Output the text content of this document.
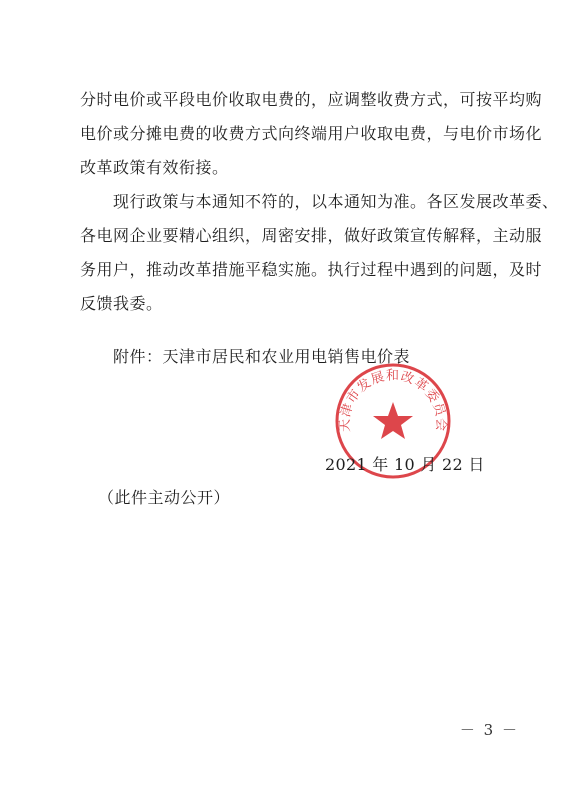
分时电价或平段电价收取电费的，应调整收费方式，可按平均购
电价或分摊电费的收费方式向终端用户收取电费，与电价市场化
改革政策有效衔接。
现行政策与本通知不符的，以本通知为准。各区发展改革委、
各电网企业要精心组织，周密安排，做好政策宣传解释，主动服
务用户，推动改革措施平稳实施。执行过程中遇到的问题，及时
反馈我委。
附件：天津市居民和农业用电销售电价表
天津市发展和改革委员会
2021 年 10 月 22 日
（此件主动公开）
－ 3 －
